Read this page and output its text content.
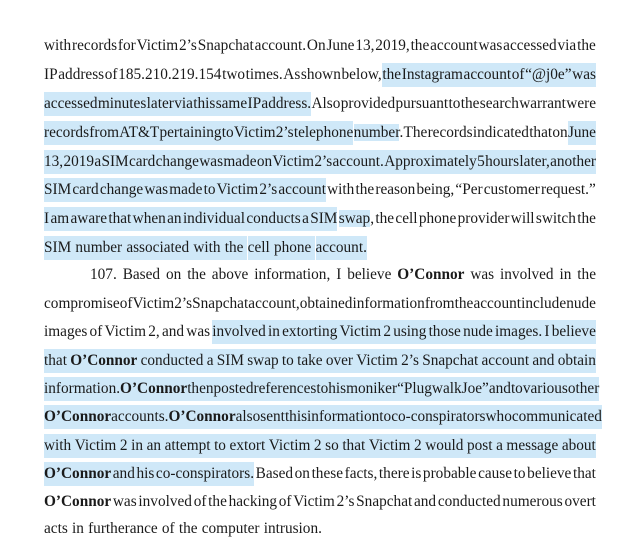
with records for Victim 2’s Snapchat account. On June 13, 2019, the account was accessed via the
IP address of 185.210.219.154 two times. As shown below, the Instagram account of “@j0e” was
accessed minutes later via this same IP address. Also provided pursuant to the search warrant were
records from AT&T pertaining to Victim 2’s telephone number. The records indicated that on June
13, 2019 a SIM card change was made on Victim 2’s account. Approximately 5 hours later, another
SIM card change was made to Victim 2’s account with the reason being, “Per customer request.”
I am aware that when an individual conducts a SIM swap, the cell phone provider will switch the
SIM number associated with the cell phone account.
107. Based on the above information, I believe O’Connor was involved in the
compromise of Victim 2’s Snapchat account, obtained information from the account include nude
images of Victim 2, and was involved in extorting Victim 2 using those nude images. I believe
that O’Connor conducted a SIM swap to take over Victim 2’s Snapchat account and obtain
information. O’Connor then posted references to his moniker “PlugwalkJoe” and to various other
O’Connor accounts. O’Connor also sent this information to co-conspirators who communicated
with Victim 2 in an attempt to extort Victim 2 so that Victim 2 would post a message about
O’Connor and his co-conspirators. Based on these facts, there is probable cause to believe that
O’Connor was involved of the hacking of Victim 2’s Snapchat and conducted numerous overt
acts in furtherance of the computer intrusion.
